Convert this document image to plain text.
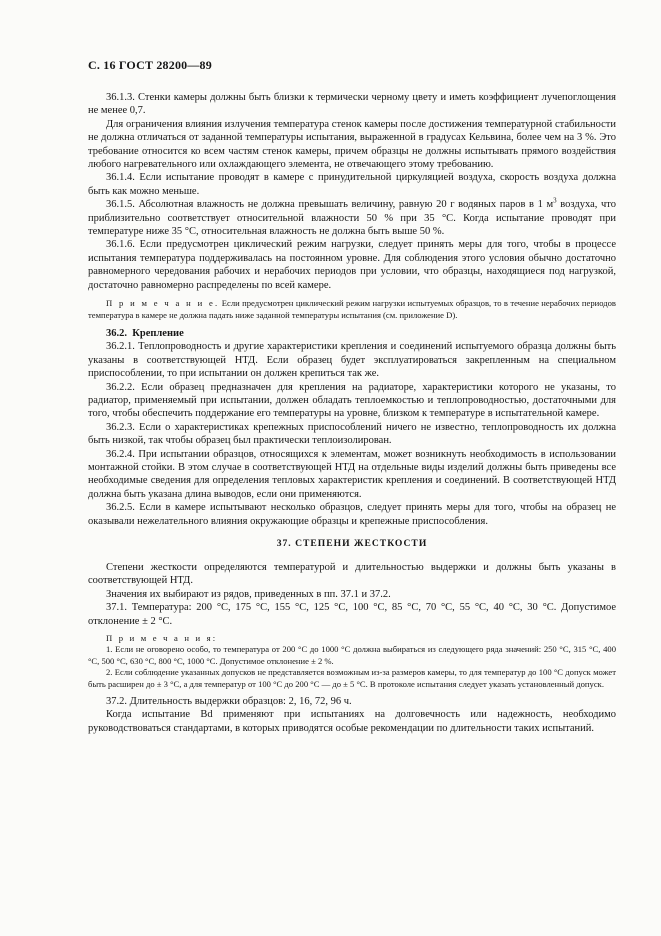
С. 16 ГОСТ 28200—89

36.1.3. Стенки камеры должны быть близки к термически черному цвету и иметь коэффициент лучепоглощения не менее 0,7.

Для ограничения влияния излучения температура стенок камеры после достижения температурной стабильности не должна отличаться от заданной температуры испытания, выраженной в градусах Кельвина, более чем на 3 %. Это требование относится ко всем частям стенок камеры, причем образцы не должны испытывать прямого воздействия любого нагревательного или охлаждающего элемента, не отвечающего этому требованию.

36.1.4. Если испытание проводят в камере с принудительной циркуляцией воздуха, скорость воздуха должна быть как можно меньше.

36.1.5. Абсолютная влажность не должна превышать величину, равную 20 г водяных паров в 1 $м^3$ воздуха, что приблизительно соответствует относительной влажности 50 % при 35 °С. Когда испытание проводят при температуре ниже 35 °С, относительная влажность не должна быть выше 50 %.

36.1.6. Если предусмотрен циклический режим нагрузки, следует принять меры для того, чтобы в процессе испытания температура поддерживалась на постоянном уровне. Для соблюдения этого условия обычно достаточно равномерного чередования рабочих и нерабочих периодов при условии, что образцы, находящиеся под нагрузкой, достаточно равномерно распределены по всей камере.

П р и м е ч а н и е. Если предусмотрен циклический режим нагрузки испытуемых образцов, то в течение нерабочих периодов температура в камере не должна падать ниже заданной температуры испытания (см. приложение D).

36.2. Крепление

36.2.1. Теплопроводность и другие характеристики крепления и соединений испытуемого образца должны быть указаны в соответствующей НТД. Если образец будет эксплуатироваться закрепленным на специальном приспособлении, то при испытании он должен крепиться так же.

36.2.2. Если образец предназначен для крепления на радиаторе, характеристики которого не указаны, то радиатор, применяемый при испытании, должен обладать теплоемкостью и теплопроводностью, достаточными для того, чтобы обеспечить поддержание его температуры на уровне, близком к температуре в испытательной камере.

36.2.3. Если о характеристиках крепежных приспособлений ничего не известно, теплопроводность их должна быть низкой, так чтобы образец был практически теплоизолирован.

36.2.4. При испытании образцов, относящихся к элементам, может возникнуть необходимость в использовании монтажной стойки. В этом случае в соответствующей НТД на отдельные виды изделий должны быть приведены все необходимые сведения для определения тепловых характеристик крепления и соединений. В соответствующей НТД должна быть указана длина выводов, если они применяются.

36.2.5. Если в камере испытывают несколько образцов, следует принять меры для того, чтобы на образец не оказывали нежелательного влияния окружающие образцы и крепежные приспособления.

37. СТЕПЕНИ ЖЕСТКОСТИ

Степени жесткости определяются температурой и длительностью выдержки и должны быть указаны в соответствующей НТД.

Значения их выбирают из рядов, приведенных в пп. 37.1 и 37.2.

37.1. Температура: 200 °С, 175 °С, 155 °С, 125 °С, 100 °С, 85 °С, 70 °С, 55 °С, 40 °С, 30 °С. Допустимое отклонение ± 2 °С.

П р и м е ч а н и я:

1. Если не оговорено особо, то температура от 200 °С до 1000 °С должна выбираться из следующего ряда значений: 250 °С, 315 °С, 400 °С, 500 °С, 630 °С, 800 °С, 1000 °С. Допустимое отклонение ± 2 %.

2. Если соблюдение указанных допусков не представляется возможным из-за размеров камеры, то для температур до 100 °С допуск может быть расширен до ± 3 °С, а для температур от 100 °С до 200 °С — до ± 5 °С. В протоколе испытания следует указать установленный допуск.

37.2. Длительность выдержки образцов: 2, 16, 72, 96 ч.

Когда испытание Bd применяют при испытаниях на долговечность или надежность, необходимо руководствоваться стандартами, в которых приводятся особые рекомендации по длительности таких испытаний.
